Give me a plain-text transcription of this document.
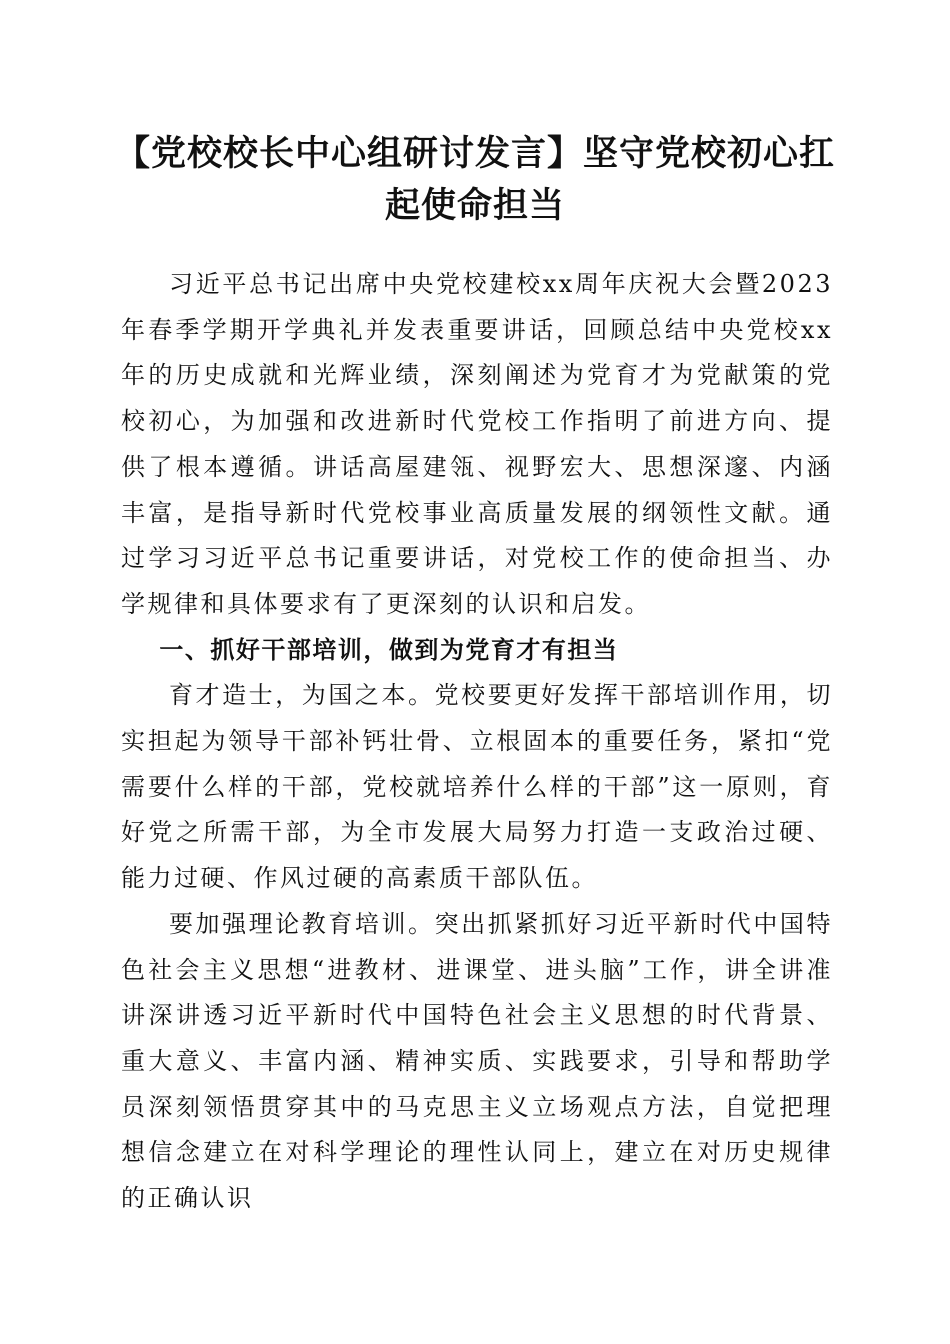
【党校校长中心组研讨发言】坚守党校初心扛起使命担当

习近平总书记出席中央党校建校xx周年庆祝大会暨2023年春季学期开学典礼并发表重要讲话，回顾总结中央党校xx年的历史成就和光辉业绩，深刻阐述为党育才为党献策的党校初心，为加强和改进新时代党校工作指明了前进方向、提供了根本遵循。讲话高屋建瓴、视野宏大、思想深邃、内涵丰富，是指导新时代党校事业高质量发展的纲领性文献。通过学习习近平总书记重要讲话，对党校工作的使命担当、办学规律和具体要求有了更深刻的认识和启发。

一、抓好干部培训，做到为党育才有担当

育才造士，为国之本。党校要更好发挥干部培训作用，切实担起为领导干部补钙壮骨、立根固本的重要任务，紧扣“党需要什么样的干部，党校就培养什么样的干部”这一原则，育好党之所需干部，为全市发展大局努力打造一支政治过硬、能力过硬、作风过硬的高素质干部队伍。

要加强理论教育培训。突出抓紧抓好习近平新时代中国特色社会主义思想“进教材、进课堂、进头脑”工作，讲全讲准讲深讲透习近平新时代中国特色社会主义思想的时代背景、重大意义、丰富内涵、精神实质、实践要求，引导和帮助学员深刻领悟贯穿其中的马克思主义立场观点方法，自觉把理想信念建立在对科学理论的理性认同上，建立在对历史规律的正确认识
